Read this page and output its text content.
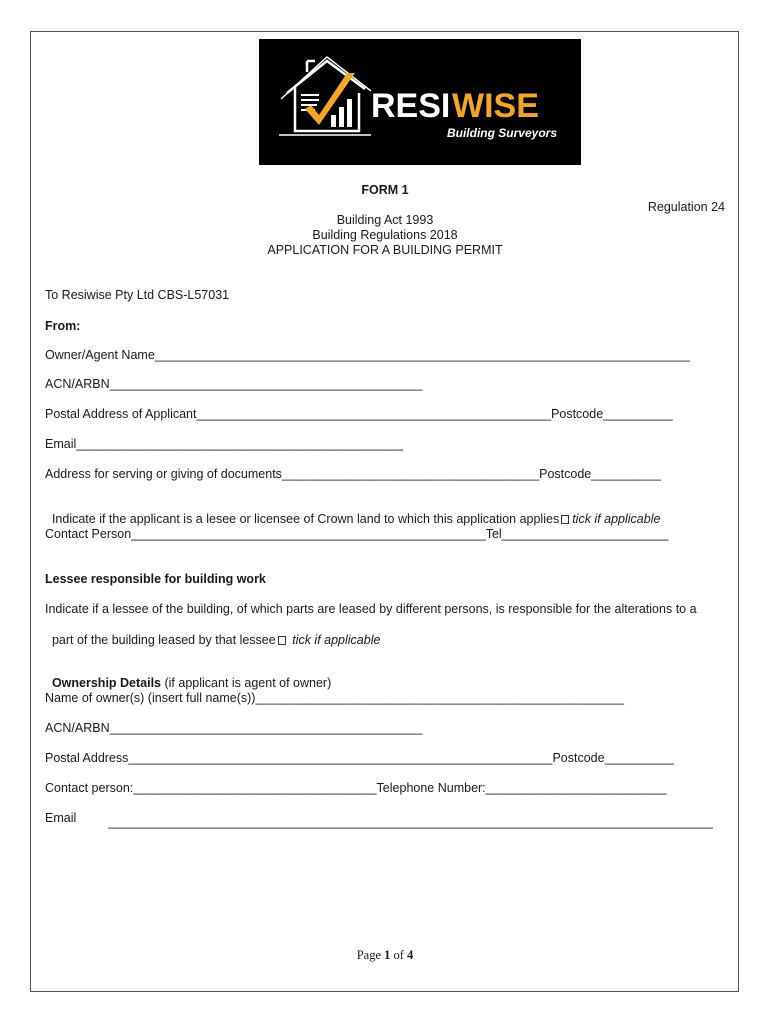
RESI WISE
Building Surveyors
FORM 1
Regulation 24
Building Act 1993
Building Regulations 2018
APPLICATION FOR A BUILDING PERMIT
To Resiwise Pty Ltd CBS-L57031
From:
Owner/Agent Name_____________________________________________________________________________
ACN/ARBN_____________________________________________
Postal Address of Applicant___________________________________________________Postcode__________
Email_______________________________________________
Address for serving or giving of documents_____________________________________Postcode__________

Indicate if the applicant is a lesee or licensee of Crown land to which this application applies tick if applicable

Contact Person___________________________________________________Tel________________________
Lessee responsible for building work
Indicate if a lessee of the building, of which parts are leased by different persons, is responsible for the alterations to a

part of the building leased by that lessee tick if applicable

Ownership Details (if applicant is agent of owner)

Name of owner(s) (insert full name(s))_____________________________________________________
ACN/ARBN_____________________________________________
Postal Address_____________________________________________________________Postcode__________
Contact person:___________________________________Telephone Number:__________________________
Email	_______________________________________________________________________________________
Page 1 of 4
